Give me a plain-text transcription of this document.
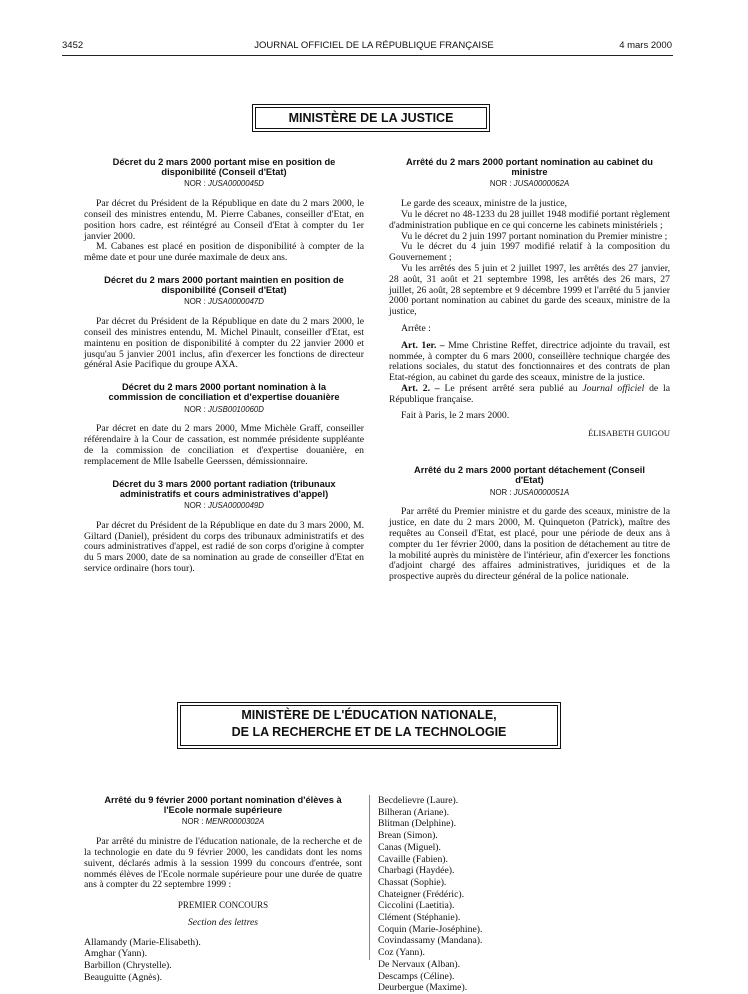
3452	JOURNAL OFFICIEL DE LA RÉPUBLIQUE FRANÇAISE	4 mars 2000
MINISTÈRE DE LA JUSTICE
Décret du 2 mars 2000 portant mise en position de disponibilité (Conseil d'Etat)
NOR : JUSA0000045D

Par décret du Président de la République en date du 2 mars 2000, le conseil des ministres entendu, M. Pierre Cabanes, conseiller d'Etat, en position hors cadre, est réintégré au Conseil d'Etat à compter du 1er janvier 2000.

M. Cabanes est placé en position de disponibilité à compter de la même date et pour une durée maximale de deux ans.

Décret du 2 mars 2000 portant maintien en position de disponibilité (Conseil d'Etat)
NOR : JUSA0000047D

Par décret du Président de la République en date du 2 mars 2000, le conseil des ministres entendu, M. Michel Pinault, conseiller d'Etat, est maintenu en position de disponibilité à compter du 22 janvier 2000 et jusqu'au 5 janvier 2001 inclus, afin d'exercer les fonctions de directeur général Asie Pacifique du groupe AXA.

Décret du 2 mars 2000 portant nomination à la commission de conciliation et d'expertise douanière
NOR : JUSB0010060D

Par décret en date du 2 mars 2000, Mme Michèle Graff, conseiller référendaire à la Cour de cassation, est nommée présidente suppléante de la commission de conciliation et d'expertise douanière, en remplacement de Mlle Isabelle Geerssen, démissionnaire.

Décret du 3 mars 2000 portant radiation (tribunaux administratifs et cours administratives d'appel)
NOR : JUSA0000049D

Par décret du Président de la République en date du 3 mars 2000, M. Giltard (Daniel), président du corps des tribunaux administratifs et des cours administratives d'appel, est radié de son corps d'origine à compter du 5 mars 2000, date de sa nomination au grade de conseiller d'Etat en service ordinaire (hors tour).

Arrêté du 2 mars 2000 portant nomination au cabinet du ministre
NOR : JUSA0000062A

Le garde des sceaux, ministre de la justice,

Vu le décret no 48-1233 du 28 juillet 1948 modifié portant règlement d'administration publique en ce qui concerne les cabinets ministériels ;

Vu le décret du 2 juin 1997 portant nomination du Premier ministre ;

Vu le décret du 4 juin 1997 modifié relatif à la composition du Gouvernement ;

Vu les arrêtés des 5 juin et 2 juillet 1997, les arrêtés des 27 janvier, 28 août, 31 août et 21 septembre 1998, les arrêtés des 26 mars, 27 juillet, 26 août, 28 septembre et 9 décembre 1999 et l'arrêté du 5 janvier 2000 portant nomination au cabinet du garde des sceaux, ministre de la justice,

Arrête :

Art. 1er. – Mme Christine Reffet, directrice adjointe du travail, est nommée, à compter du 6 mars 2000, conseillère technique chargée des relations sociales, du statut des fonctionnaires et des contrats de plan Etat-région, au cabinet du garde des sceaux, ministre de la justice.

Art. 2. – Le présent arrêté sera publié au Journal officiel de la République française.

Fait à Paris, le 2 mars 2000.

ÉLISABETH GUIGOU
Arrêté du 2 mars 2000 portant détachement (Conseil d'Etat)
NOR : JUSA0000051A

Par arrêté du Premier ministre et du garde des sceaux, ministre de la justice, en date du 2 mars 2000, M. Quinqueton (Patrick), maître des requêtes au Conseil d'Etat, est placé, pour une période de deux ans à compter du 1er février 2000, dans la position de détachement au titre de la mobilité auprès du ministère de l'intérieur, afin d'exercer les fonctions d'adjoint chargé des affaires administratives, juridiques et de la prospective auprès du directeur général de la police nationale.

MINISTÈRE DE L'ÉDUCATION NATIONALE,
DE LA RECHERCHE ET DE LA TECHNOLOGIE
Arrêté du 9 février 2000 portant nomination d'élèves à l'Ecole normale supérieure
NOR : MENR0000302A

Par arrêté du ministre de l'éducation nationale, de la recherche et de la technologie en date du 9 février 2000, les candidats dont les noms suivent, déclarés admis à la session 1999 du concours d'entrée, sont nommés élèves de l'Ecole normale supérieure pour une durée de quatre ans à compter du 22 septembre 1999 :

PREMIER CONCOURS
Section des lettres
Allamandy (Marie-Elisabeth).
Amghar (Yann).
Barbillon (Chrystelle).
Beauguitte (Agnès).
Becdelievre (Laure).
Bilheran (Ariane).
Blitman (Delphine).
Brean (Simon).
Canas (Miguel).
Cavaille (Fabien).
Charbagi (Haydée).
Chassat (Sophie).
Chateigner (Frédéric).
Ciccolini (Laetitia).
Clément (Stéphanie).
Coquin (Marie-Joséphine).
Covindassamy (Mandana).
Coz (Yann).
De Nervaux (Alban).
Descamps (Céline).
Deurbergue (Maxime).
